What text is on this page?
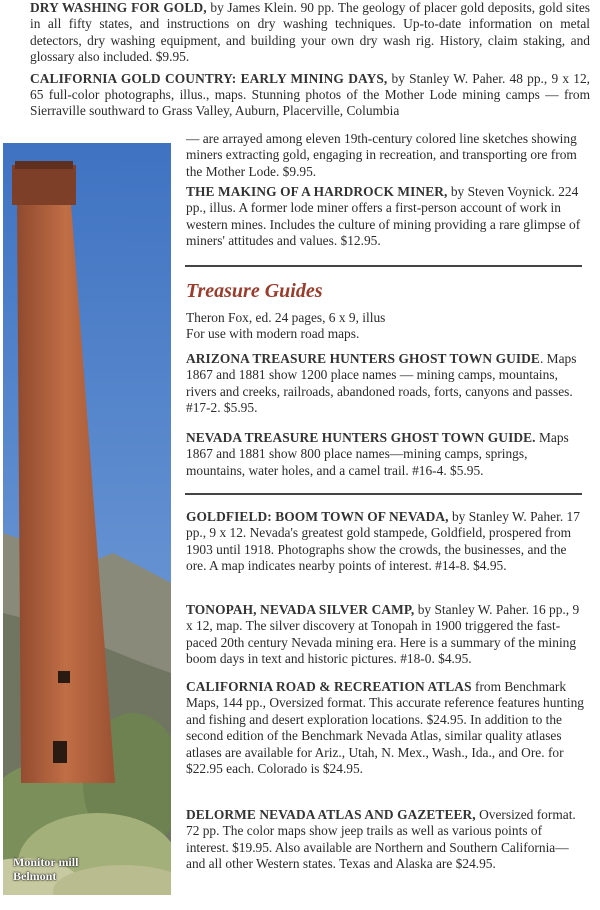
DRY WASHING FOR GOLD, by James Klein. 90 pp. The geology of placer gold deposits, gold sites in all fifty states, and instructions on dry washing techniques. Up-to-date information on metal detectors, dry washing equipment, and building your own dry wash rig. History, claim staking, and glossary also included. $9.95.

CALIFORNIA GOLD COUNTRY: EARLY MINING DAYS, by Stanley W. Paher. 48 pp., 9 x 12, 65 full-color photographs, illus., maps. Stunning photos of the Mother Lode mining camps — from Sierraville southward to Grass Valley, Auburn, Placerville, Columbia

Monitor mill
Belmont

— are arrayed among eleven 19th-century colored line sketches showing miners extracting gold, engaging in recreation, and transporting ore from the Mother Lode. $9.95.

THE MAKING OF A HARDROCK MINER, by Steven Voynick. 224 pp., illus. A former lode miner offers a first-person account of work in western mines. Includes the culture of mining providing a rare glimpse of miners' attitudes and values. $12.95.

Treasure Guides
Theron Fox, ed. 24 pages, 6 x 9, illus
For use with modern road maps.

ARIZONA TREASURE HUNTERS GHOST TOWN GUIDE. Maps 1867 and 1881 show 1200 place names — mining camps, mountains, rivers and creeks, railroads, abandoned roads, forts, canyons and passes. #17-2. $5.95.

NEVADA TREASURE HUNTERS GHOST TOWN GUIDE. Maps 1867 and 1881 show 800 place names—mining camps, springs, mountains, water holes, and a camel trail. #16-4. $5.95.

GOLDFIELD: BOOM TOWN OF NEVADA, by Stanley W. Paher. 17 pp., 9 x 12. Nevada's greatest gold stampede, Goldfield, prospered from 1903 until 1918. Photographs show the crowds, the businesses, and the ore. A map indicates nearby points of interest. #14-8. $4.95.

TONOPAH, NEVADA SILVER CAMP, by Stanley W. Paher. 16 pp., 9 x 12, map. The silver discovery at Tonopah in 1900 triggered the fast-paced 20th century Nevada mining era. Here is a summary of the mining boom days in text and historic pictures. #18-0. $4.95.

CALIFORNIA ROAD & RECREATION ATLAS from Benchmark Maps, 144 pp., Oversized format. This accurate reference features hunting and fishing and desert exploration locations. $24.95. In addition to the second edition of the Benchmark Nevada Atlas, similar quality atlases atlases are available for Ariz., Utah, N. Mex., Wash., Ida., and Ore. for $22.95 each. Colorado is $24.95.

DELORME NEVADA ATLAS AND GAZETEER, Oversized format. 72 pp. The color maps show jeep trails as well as various points of interest. $19.95. Also available are Northern and Southern California—and all other Western states. Texas and Alaska are $24.95.
